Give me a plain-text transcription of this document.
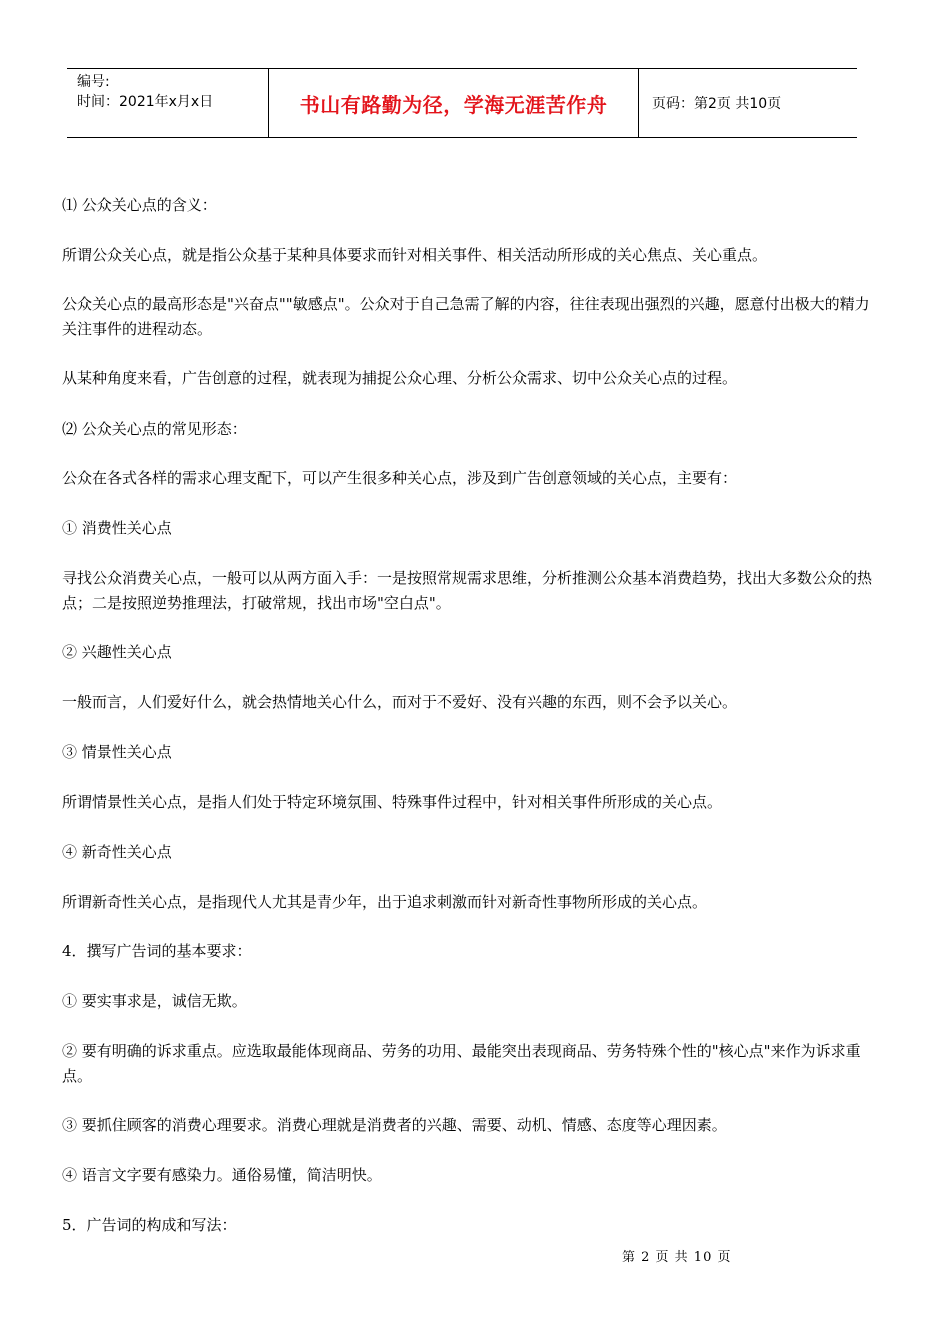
编号:
时间：2021年x月x日	书山有路勤为径，学海无涯苦作舟	页码：第2页 共10页

⑴ 公众关心点的含义：

所谓公众关心点，就是指公众基于某种具体要求而针对相关事件、相关活动所形成的关心焦点、关心重点。

公众关心点的最高形态是"兴奋点""敏感点"。公众对于自己急需了解的内容，往往表现出强烈的兴趣，愿意付出极大的精力关注事件的进程动态。

从某种角度来看，广告创意的过程，就表现为捕捉公众心理、分析公众需求、切中公众关心点的过程。

⑵ 公众关心点的常见形态：

公众在各式各样的需求心理支配下，可以产生很多种关心点，涉及到广告创意领域的关心点，主要有：

① 消费性关心点

寻找公众消费关心点，一般可以从两方面入手：一是按照常规需求思维，分析推测公众基本消费趋势，找出大多数公众的热点；二是按照逆势推理法，打破常规，找出市场"空白点"。

② 兴趣性关心点

一般而言，人们爱好什么，就会热情地关心什么，而对于不爱好、没有兴趣的东西，则不会予以关心。

③ 情景性关心点

所谓情景性关心点，是指人们处于特定环境氛围、特殊事件过程中，针对相关事件所形成的关心点。

④ 新奇性关心点

所谓新奇性关心点，是指现代人尤其是青少年，出于追求刺激而针对新奇性事物所形成的关心点。

4．撰写广告词的基本要求：

① 要实事求是，诚信无欺。

② 要有明确的诉求重点。应选取最能体现商品、劳务的功用、最能突出表现商品、劳务特殊个性的"核心点"来作为诉求重点。

③ 要抓住顾客的消费心理要求。消费心理就是消费者的兴趣、需要、动机、情感、态度等心理因素。

④ 语言文字要有感染力。通俗易懂，简洁明快。

5．广告词的构成和写法：

第 2 页 共 10 页
